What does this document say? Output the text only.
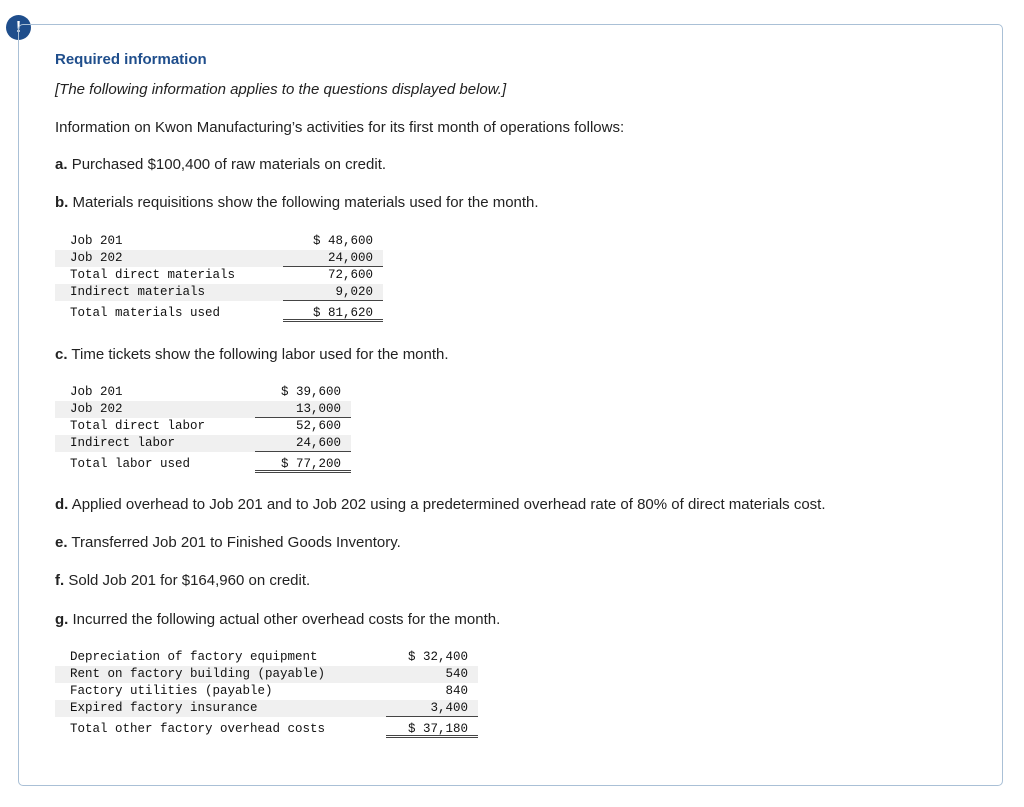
!
Required information
[The following information applies to the questions displayed below.]
Information on Kwon Manufacturing’s activities for its first month of operations follows:
a. Purchased $100,400 of raw materials on credit.
b. Materials requisitions show the following materials used for the month.
Job 201	$ 48,600
Job 202	24,000
Total direct materials	72,600
Indirect materials	9,020
Total materials used	$ 81,620
c. Time tickets show the following labor used for the month.
Job 201	$ 39,600
Job 202	13,000
Total direct labor	52,600
Indirect labor	24,600
Total labor used	$ 77,200
d. Applied overhead to Job 201 and to Job 202 using a predetermined overhead rate of 80% of direct materials cost.
e. Transferred Job 201 to Finished Goods Inventory.
f. Sold Job 201 for $164,960 on credit.
g. Incurred the following actual other overhead costs for the month.
Depreciation of factory equipment	$ 32,400
Rent on factory building (payable)	540
Factory utilities (payable)	840
Expired factory insurance	3,400
Total other factory overhead costs	$ 37,180
